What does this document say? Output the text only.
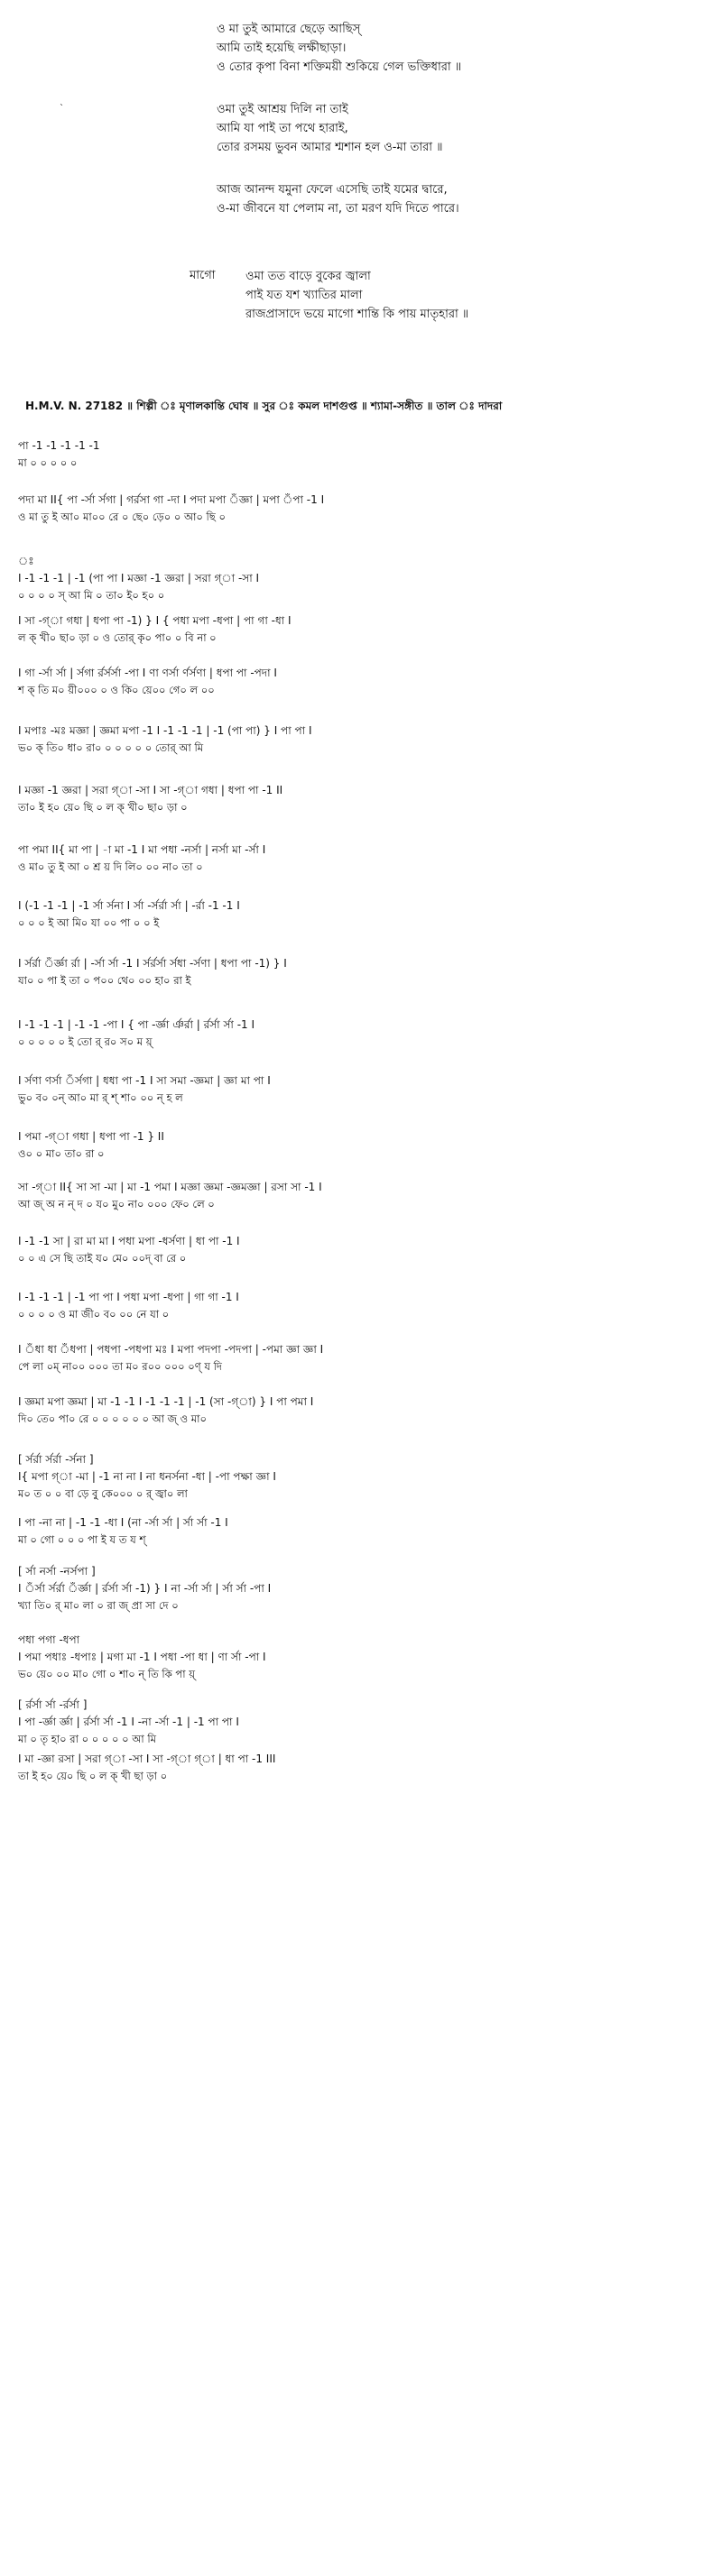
ও মা তুই আমারে ছেড়ে আছিস্
আমি তাই হয়েছি লক্ষীছাড়া।
ও তোর কৃপা বিনা শক্তিময়ী শুকিয়ে গেল ভক্তিধারা ॥
ওমা তুই আশ্রয় দিলি না তাই
আমি যা পাই তা পথে হারাই,
তোর রসময় ভুবন আমার শ্মশান হল ও-মা তারা ॥
আজ আনন্দ যমুনা ফেলে এসেছি তাই যমের দ্বারে,
ও-মা জীবনে যা পেলাম না, তা মরণ যদি দিতে পারে।
`
মাগো	ওমা তত বাড়ে বুকের জ্বালা
পাই যত যশ খ্যাতির মালা
রাজপ্রাসাদে ভয়ে মাগো শান্তি কি পায় মাতৃহারা ॥
H.M.V. N. 27182 ॥ শিল্পী ঃ মৃণালকান্তি ঘোষ ॥ সুর ঃ কমল দাশগুপ্ত ॥ শ্যামা-সঙ্গীত ॥ তাল ঃ দাদরা
পা -1 -1 -1 -1 -1
মা ০ ০ ০ ০ ০
পদা মা II{ পা -র্সা র্সগা | গর্রসা গা -দা I পদা মপা ঁজ্ঞা | মপা ঁপা -1 I
ও মা তু ই আ০ মা০০ রে ০ ছে০ ড়ে০ ০ আ০ ছি ০
ঃ
I -1 -1 -1 | -1 (পা পা I মজ্ঞা -1 জ্ঞরা | সরা গ্‌া -সা I
০ ০ ০ ০ স্ আ মি ০ তা০ ই০ হ০ ০
I সা -গ্‌া গধা | ধপা পা -1) } I { পধা মপা -ধপা | পা গা -ধা I
ল ক্ খী০ ছা০ ড়া ০ ও তোর্ কৃ০ পা০ ০ বি না ০
I গা -র্সা র্সা | র্সগা র্রর্সর্সা -পা I ণা ণর্সা র্ণর্সণা | ধপা পা -পদা I
শ ক্ তি ম০ য়ী০০০ ০ ও কি০ য়ে০০ গে০ ল ০০
I মপাঃ -মঃ মজ্ঞা | জ্ঞমা মপা -1 I -1 -1 -1 | -1 (পা পা) } I পা পা I
ভ০ ক্ তি০ ধা০ রা০ ০ ০ ০ ০ ০ তোর্ আ মি
I মজ্ঞা -1 জ্ঞরা | সরা গ্‌া -সা I সা -গ্‌া গধা | ধপা পা -1 II
তা০ ই হ০ য়ে০ ছি ০ ল ক্ খী০ ছা০ ড়া ০
পা পমা II{ মা পা | -া মা -1 I মা পধা -নর্সা | নর্সা মা -র্সা I
ও মা০ তু ই আ ০ শ্র য় দি লি০ ০০ না০ তা ০
I (-1 -1 -1 | -1 র্সা র্সনা I র্সা -র্সর্রা র্সা | -র্রা -1 -1 I
০ ০ ০ ই আ মি০ যা ০০ পা ০ ০ ই
I র্সর্রা ঁর্জ্ঞা র্রা | -র্সা র্সা -1 I র্সর্রর্সা র্সধা -র্সণা | ধপা পা -1) } I
যা০ ০ পা ই তা ০ প০০ থে০ ০০ হা০ রা ই
I -1 -1 -1 | -1 -1 -পা I { পা -র্জ্ঞা র্ঞর্রা | র্রর্সা র্সা -1 I
০ ০ ০ ০ ০ ই তো র্ র০ স০ ম য়্
I র্সণা ণর্সা ঁর্সগা | ধধা পা -1 I সা সমা -জ্ঞমা | জ্ঞা মা পা I
ভু০ ব০ ০ন্ আ০ মা র্ শ্ শা০ ০০ ন্ হ ল
I পমা -গ্‌া গধা | ধপা পা -1 } II
ও০ ০ মা০ তা০ রা ০
সা -গ্‌া II{ সা সা -মা | মা -1 পমা I মজ্ঞা জ্ঞমা -জ্ঞমজ্ঞা | রসা সা -1 I
আ জ্ অ ন ন্ দ ০ য০ মু০ না০ ০০০ ফে০ লে ০
I -1 -1 সা | রা মা মা I পধা মপা -ধর্সণা | ধা পা -1 I
০ ০ এ সে ছি তাই য০ মে০ ০০দ্ বা রে ০
I -1 -1 -1 | -1 পা পা I পধা মপা -ধপা | গা গা -1 I
০ ০ ০ ০ ও মা জী০ ব০ ০০ নে যা ০
I ঁধা ধা ঁধপা | পধপা -পধপা মঃ I মপা পদপা -পদপা | -পমা জ্ঞা জ্ঞা I
পে লা ০ম্ না০০ ০০০ তা ম০ র০০ ০০০ ০ণ্ য দি
I জ্ঞমা মপা জ্ঞমা | মা -1 -1 I -1 -1 -1 | -1 (সা -গ্‌া) } I পা পমা I
দি০ তে০ পা০ রে ০ ০ ০ ০ ০ ০ আ জ্ ও মা০
[ র্সর্রা র্সর্রা -র্সনা ]
I{ মপা গ্‌া -মা | -1 না না I না ধনর্সনা -ধা | -পা পক্ষা জ্ঞা I
ম০ ত ০ ০ বা ড়ে বু কে০০০ ০ র্ জ্বা০ লা
I পা -না না | -1 -1 -ধা I (না -র্সা র্সা | র্সা র্সা -1 I
মা ০ গো ০ ০ ০ পা ই য ত য শ্
[ র্সা নর্সা -নর্সপা ]
I ঁর্সা র্সর্রা ঁর্জ্ঞা | র্রর্সা র্সা -1) } I না -র্সা র্সা | র্সা র্সা -পা I
খ্যা তি০ র্ মা০ লা ০ রা জ্ প্রা সা দে ০
পধা পগা -ধপা
I পমা পধাঃ -ধপাঃ | মগা মা -1 I পধা -পা ধা | ণা র্সা -পা I
ভ০ য়ে০ ০০ মা০ গো ০ শা০ ন্ তি কি পা য়্
[ র্রর্সা র্সা -র্রর্সা ]
I পা -র্জ্ঞা র্জ্ঞা | র্রর্সা র্সা -1 I -না -র্সা -1 | -1 পা পা I
মা ০ তৃ হা০ রা ০ ০ ০ ০ ০ আ মি
I মা -জ্ঞা রসা | সরা গ্‌া -সা I সা -গ্‌া গ্‌া | ধা পা -1 III
তা ই হ০ য়ে০ ছি ০ ল ক্ খী ছা ড়া ০
